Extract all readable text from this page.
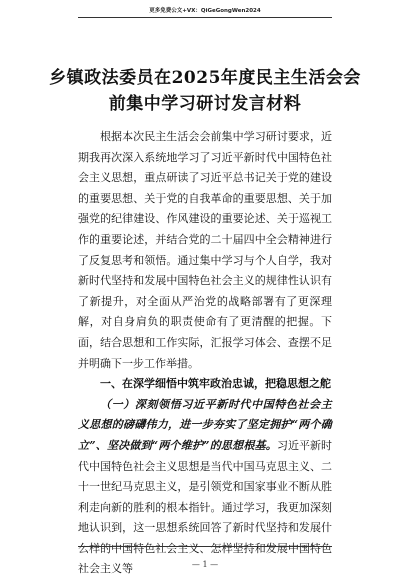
更多免费公文+VX：QiGeGongWen2024
乡镇政法委员在2025年度民主生活会会
前集中学习研讨发言材料

根据本次民主生活会会前集中学习研讨要求，近期我再次深入系统地学习了习近平新时代中国特色社会主义思想，重点研读了习近平总书记关于党的建设的重要思想、关于党的自我革命的重要思想、关于加强党的纪律建设、作风建设的重要论述、关于巡视工作的重要论述，并结合党的二十届四中全会精神进行了反复思考和领悟。通过集中学习与个人自学，我对新时代坚持和发展中国特色社会主义的规律性认识有了新提升，对全面从严治党的战略部署有了更深理解，对自身肩负的职责使命有了更清醒的把握。下面，结合思想和工作实际，汇报学习体会、查摆不足并明确下一步工作举措。

一、在深学细悟中筑牢政治忠诚，把稳思想之舵

（一）深刻领悟习近平新时代中国特色社会主义思想的磅礴伟力，进一步夯实了坚定拥护“两个确立”、坚决做到“两个维护”的思想根基。习近平新时代中国特色社会主义思想是当代中国马克思主义、二十一世纪马克思主义，是引领党和国家事业不断从胜利走向新的胜利的根本指针。通过学习，我更加深刻地认识到，这一思想系统回答了新时代坚持和发展什么样的中国特色社会主义、怎样坚持和发展中国特色社会主义等	— 1 —
